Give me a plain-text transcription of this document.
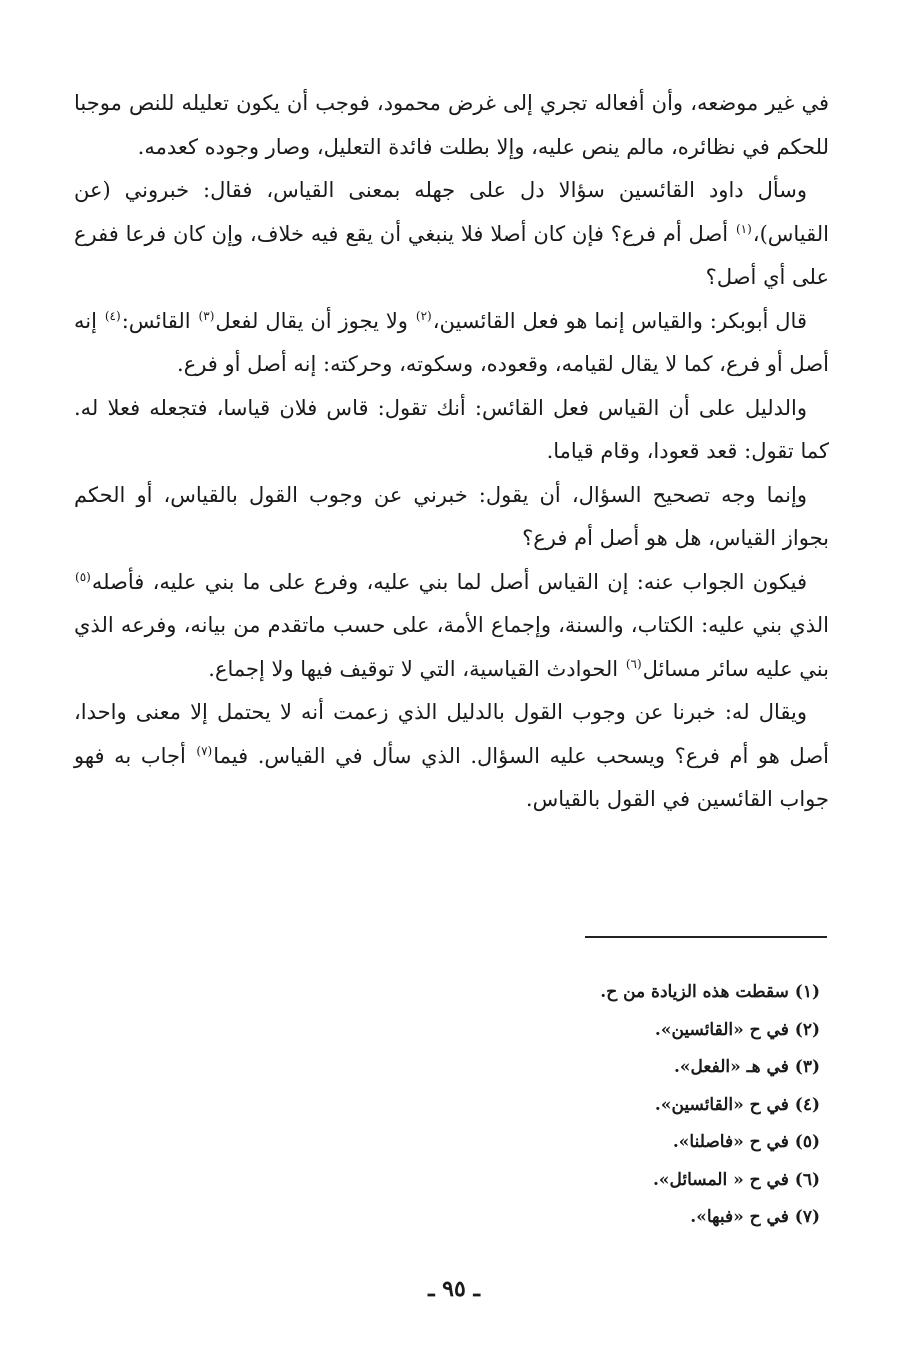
في غير موضعه، وأن أفعاله تجري إلى غرض محمود، فوجب أن يكون تعليله للنص موجبا للحكم في نظائره، مالم ينص عليه، وإلا بطلت فائدة التعليل، وصار وجوده كعدمه.

وسأل داود القائسين سؤالا دل على جهله بمعنى القياس، فقال: خبروني (عن القياس)،$^{(١)}$ أصل أم فرع؟ فإن كان أصلا فلا ينبغي أن يقع فيه خلاف، وإن كان فرعا ففرع على أي أصل؟

قال أبوبكر: والقياس إنما هو فعل القائسين،$^{(٢)}$ ولا يجوز أن يقال لفعل$^{(٣)}$ القائس:$^{(٤)}$ إنه أصل أو فرع، كما لا يقال لقيامه، وقعوده، وسكوته، وحركته: إنه أصل أو فرع.

والدليل على أن القياس فعل القائس: أنك تقول: قاس فلان قياسا، فتجعله فعلا له. كما تقول: قعد قعودا، وقام قياما.

وإنما وجه تصحيح السؤال، أن يقول: خبرني عن وجوب القول بالقياس، أو الحكم بجواز القياس، هل هو أصل أم فرع؟

فيكون الجواب عنه: إن القياس أصل لما بني عليه، وفرع على ما بني عليه، فأصله$^{(٥)}$ الذي بني عليه: الكتاب، والسنة، وإجماع الأمة، على حسب ماتقدم من بيانه، وفرعه الذي بني عليه سائر مسائل$^{(٦)}$ الحوادث القياسية، التي لا توقيف فيها ولا إجماع.

ويقال له: خبرنا عن وجوب القول بالدليل الذي زعمت أنه لا يحتمل إلا معنى واحدا، أصل هو أم فرع؟ ويسحب عليه السؤال. الذي سأل في القياس. فيما$^{(٧)}$ أجاب به فهو جواب القائسين في القول بالقياس.

(١) سقطت هذه الزيادة من ح.

(٢) في ح «القائسين».

(٣) في هـ «الفعل».

(٤) في ح «القائسين».

(٥) في ح «فاصلنا».

(٦) في ح « المسائل».

(٧) في ح «فبها».

ـ ٩٥ ـ
